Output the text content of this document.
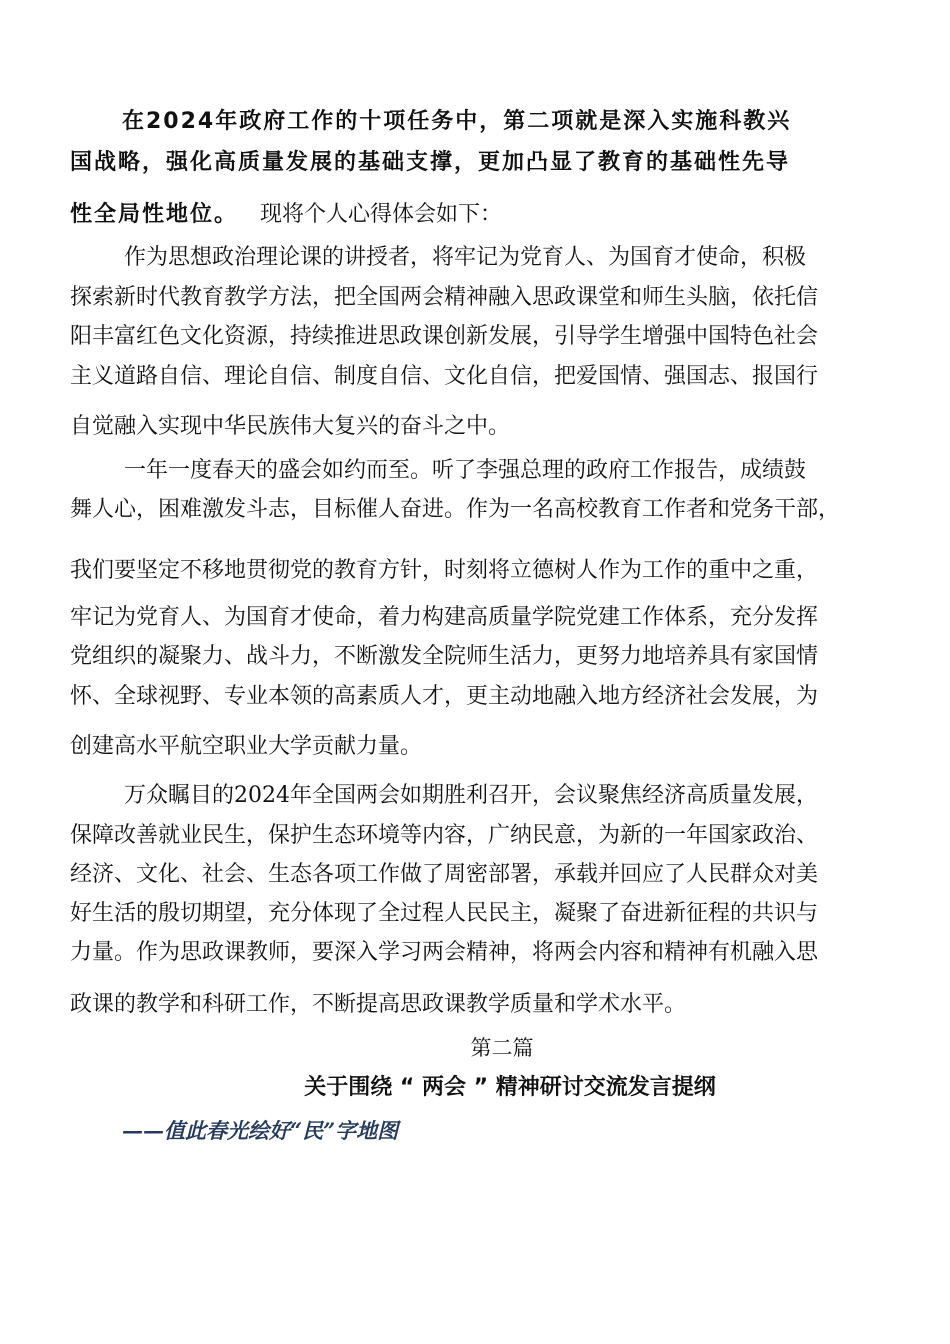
在2024年政府工作的十项任务中，第二项就是深入实施科教兴
国战略，强化高质量发展的基础支撑，更加凸显了教育的基础性先导
性全局性地位。 现将个人心得体会如下：
作为思想政治理论课的讲授者，将牢记为党育人、为国育才使命，积极
探索新时代教育教学方法，把全国两会精神融入思政课堂和师生头脑，依托信
阳丰富红色文化资源，持续推进思政课创新发展，引导学生增强中国特色社会
主义道路自信、理论自信、制度自信、文化自信，把爱国情、强国志、报国行
自觉融入实现中华民族伟大复兴的奋斗之中。
一年一度春天的盛会如约而至。听了李强总理的政府工作报告，成绩鼓
舞人心，困难激发斗志，目标催人奋进。作为一名高校教育工作者和党务干部，
我们要坚定不移地贯彻党的教育方针，时刻将立德树人作为工作的重中之重，
牢记为党育人、为国育才使命，着力构建高质量学院党建工作体系，充分发挥
党组织的凝聚力、战斗力，不断激发全院师生活力，更努力地培养具有家国情
怀、全球视野、专业本领的高素质人才，更主动地融入地方经济社会发展，为
创建高水平航空职业大学贡献力量。
万众瞩目的2024年全国两会如期胜利召开，会议聚焦经济高质量发展，
保障改善就业民生，保护生态环境等内容，广纳民意，为新的一年国家政治、
经济、文化、社会、生态各项工作做了周密部署，承载并回应了人民群众对美
好生活的殷切期望，充分体现了全过程人民民主，凝聚了奋进新征程的共识与
力量。作为思政课教师，要深入学习两会精神，将两会内容和精神有机融入思
政课的教学和科研工作，不断提高思政课教学质量和学术水平。
第二篇
关于围绕 “ 两会 ” 精神研讨交流发言提纲
——值此春光绘好“民”字地图
